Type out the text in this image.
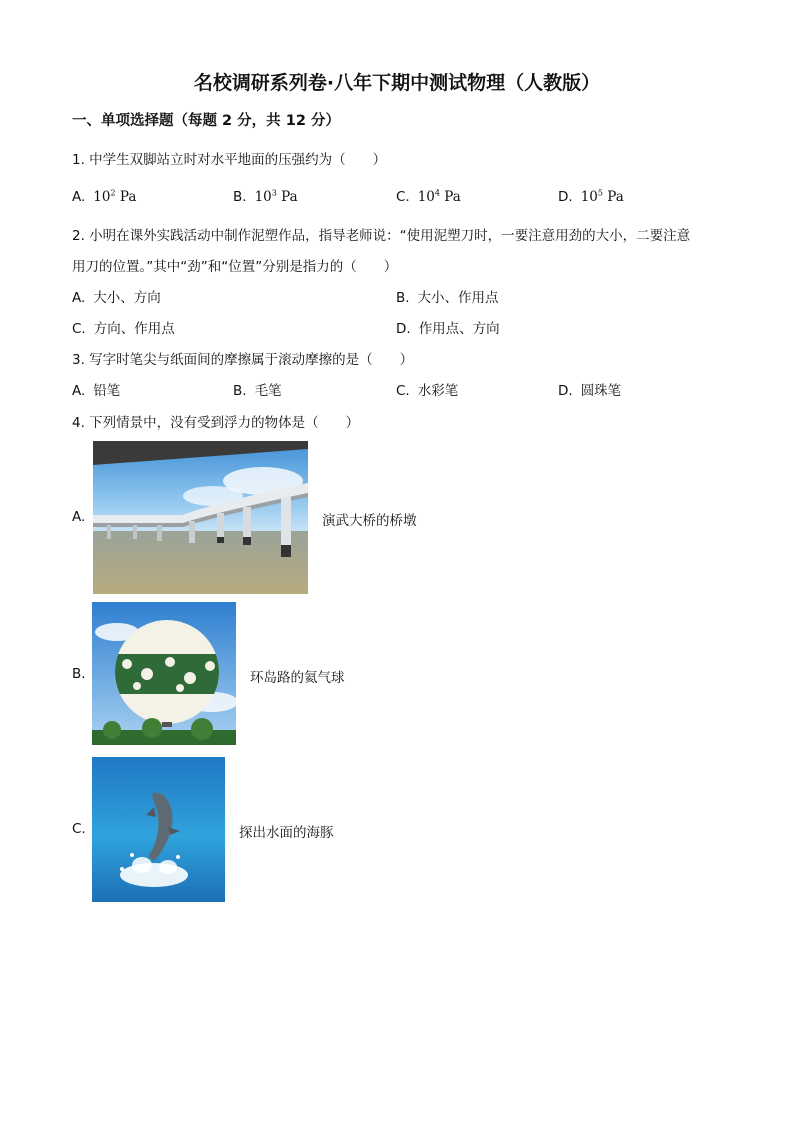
名校调研系列卷·八年下期中测试物理（人教版）
一、单项选择题（每题 2 分，共 12 分）
1. 中学生双脚站立时对水平地面的压强约为（　　）
A. $10^2$ Pa	B. $10^3$ Pa	C. $10^4$ Pa	D. $10^5$ Pa
2. 小明在课外实践活动中制作泥塑作品，指导老师说：“使用泥塑刀时，一要注意用劲的大小，二要注意
用刀的位置。”其中“劲”和“位置”分别是指力的（　　）
A. 大小、方向	B. 大小、作用点
C. 方向、作用点	D. 作用点、方向
3. 写字时笔尖与纸面间的摩擦属于滚动摩擦的是（　　）
A. 铅笔	B. 毛笔	C. 水彩笔	D. 圆珠笔
4. 下列情景中，没有受到浮力的物体是（　　）
A.	演武大桥的桥墩
B.	环岛路的氦气球
C.	探出水面的海豚
